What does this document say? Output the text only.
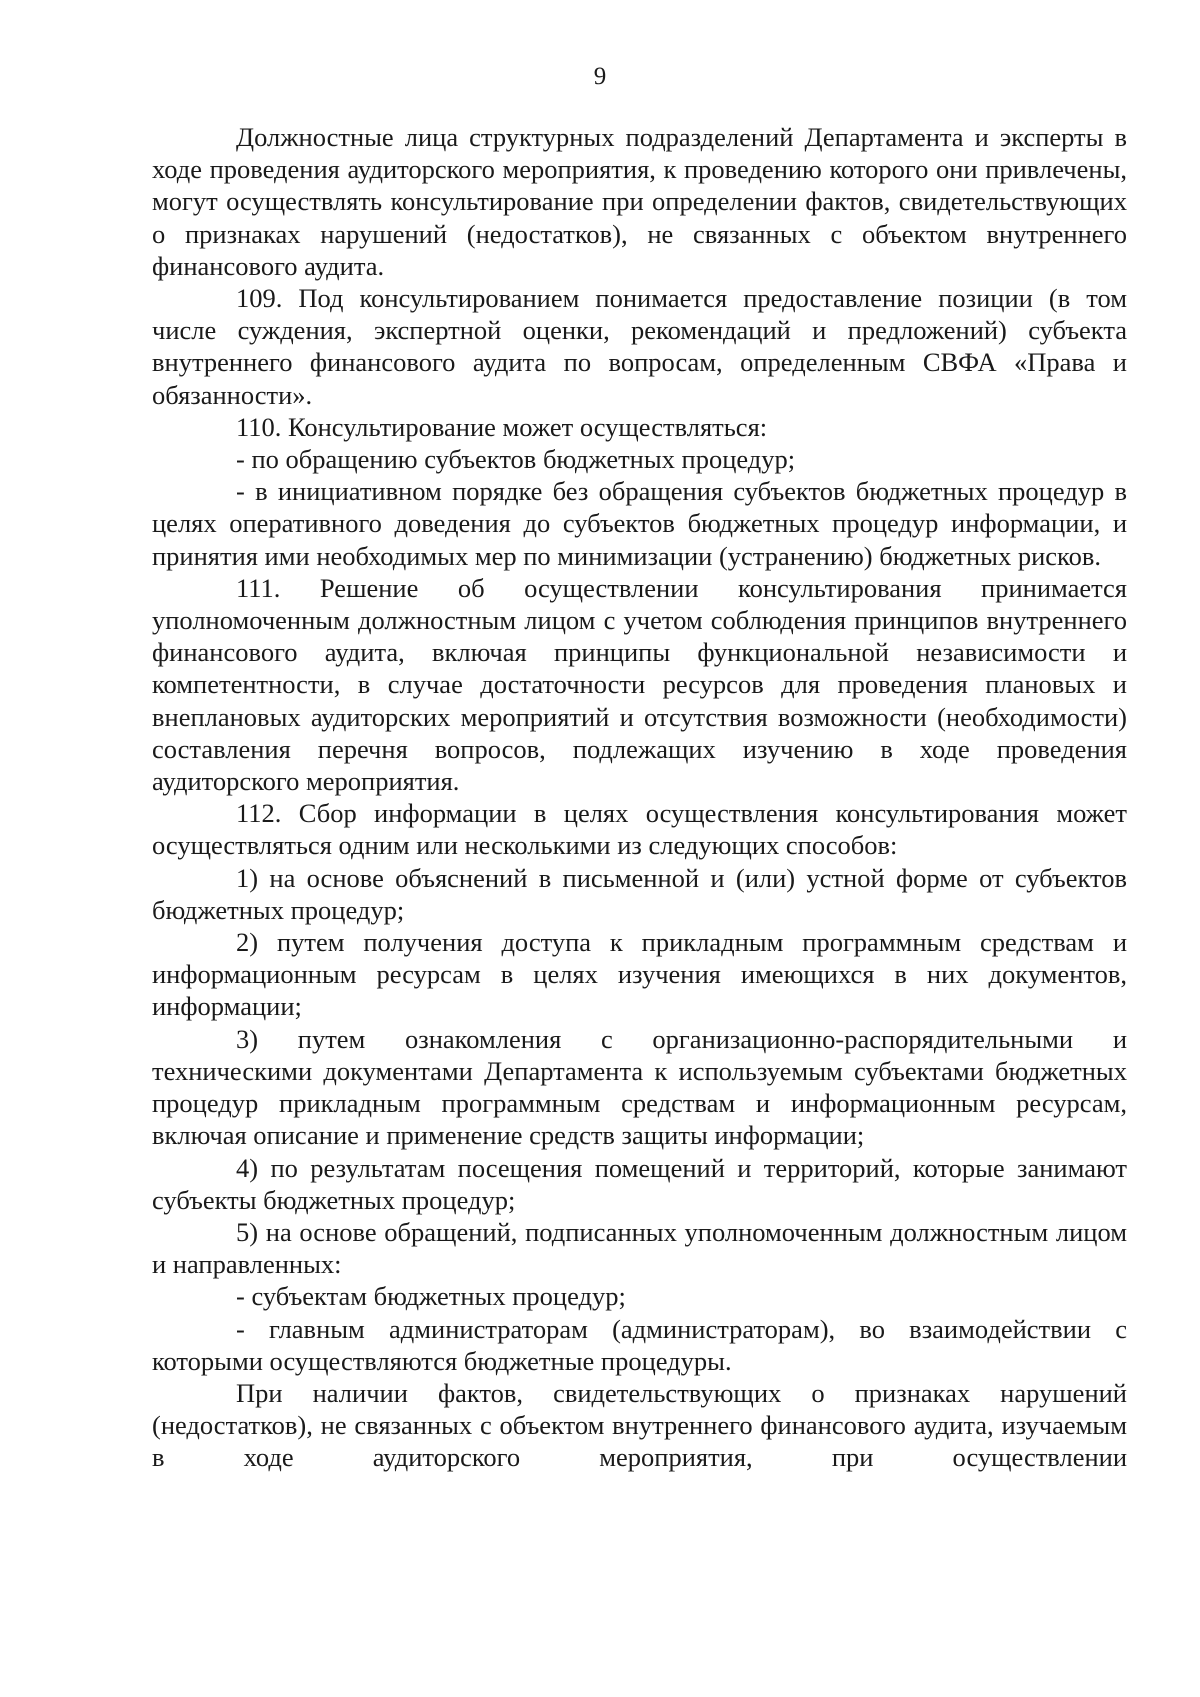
9

Должностные лица структурных подразделений Департамента и эксперты в ходе проведения аудиторского мероприятия, к проведению которого они привлечены, могут осуществлять консультирование при определении фактов, свидетельствующих о признаках нарушений (недостатков), не связанных с объектом внутреннего финансового аудита.

109. Под консультированием понимается предоставление позиции (в том числе суждения, экспертной оценки, рекомендаций и предложений) субъекта внутреннего финансового аудита по вопросам, определенным СВФА «Права и обязанности».

110. Консультирование может осуществляться:

- по обращению субъектов бюджетных процедур;

- в инициативном порядке без обращения субъектов бюджетных процедур в целях оперативного доведения до субъектов бюджетных процедур информации, и принятия ими необходимых мер по минимизации (устранению) бюджетных рисков.

111. Решение об осуществлении консультирования принимается уполномоченным должностным лицом с учетом соблюдения принципов внутреннего финансового аудита, включая принципы функциональной независимости и компетентности, в случае достаточности ресурсов для проведения плановых и внеплановых аудиторских мероприятий и отсутствия возможности (необходимости) составления перечня вопросов, подлежащих изучению в ходе проведения аудиторского мероприятия.

112. Сбор информации в целях осуществления консультирования может осуществляться одним или несколькими из следующих способов:

1) на основе объяснений в письменной и (или) устной форме от субъектов бюджетных процедур;

2) путем получения доступа к прикладным программным средствам и информационным ресурсам в целях изучения имеющихся в них документов, информации;

3) путем ознакомления с организационно-распорядительными и техническими документами Департамента к используемым субъектами бюджетных процедур прикладным программным средствам и информационным ресурсам, включая описание и применение средств защиты информации;

4) по результатам посещения помещений и территорий, которые занимают субъекты бюджетных процедур;

5) на основе обращений, подписанных уполномоченным должностным лицом и направленных:

- субъектам бюджетных процедур;

- главным администраторам (администраторам), во взаимодействии с которыми осуществляются бюджетные процедуры.

При наличии фактов, свидетельствующих о признаках нарушений (недостатков), не связанных с объектом внутреннего финансового аудита, изучаемым в ходе аудиторского мероприятия, при осуществлении
